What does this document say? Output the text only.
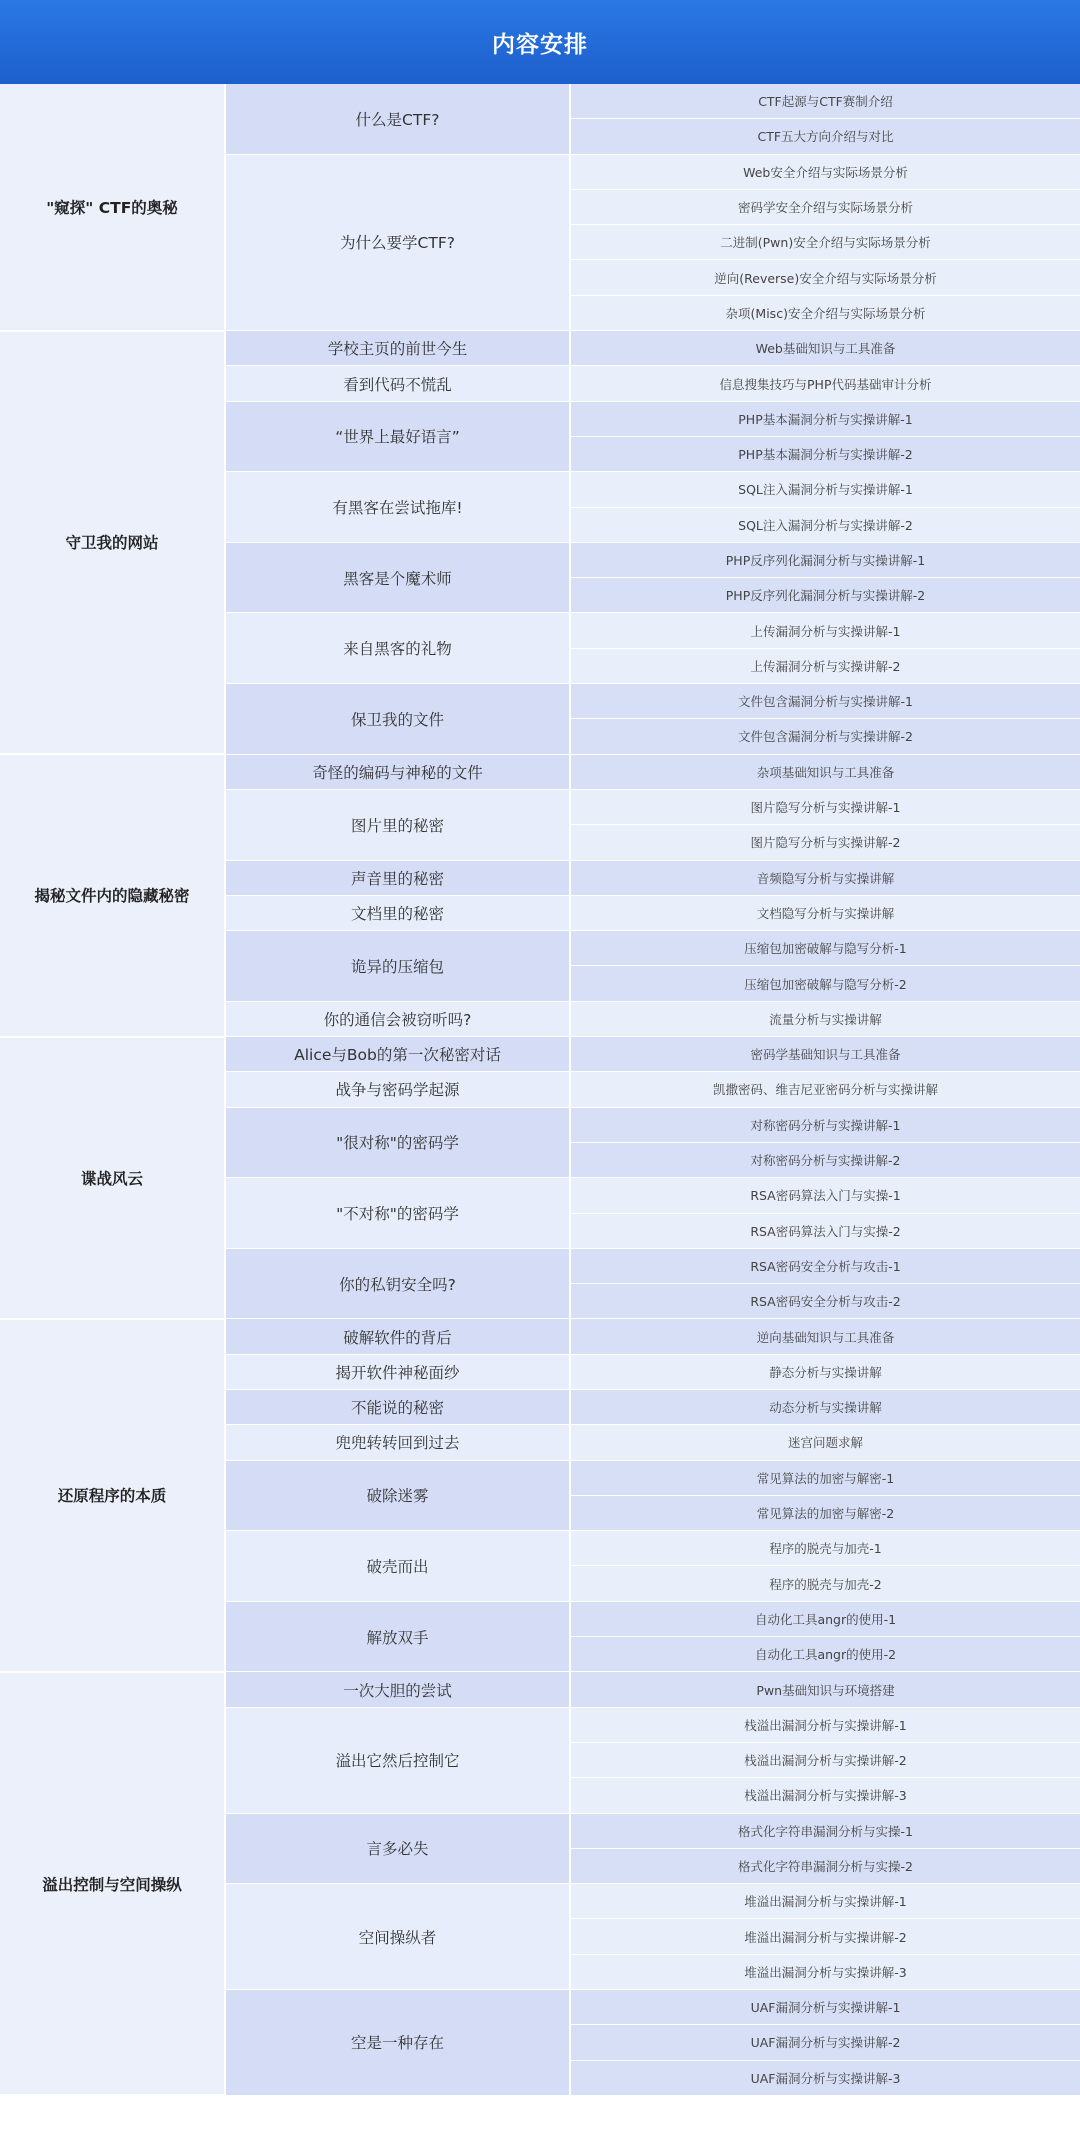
内容安排
"窥探" CTF的奥秘	什么是CTF?	CTF起源与CTF赛制介绍
		CTF五大方向介绍与对比
	为什么要学CTF?	Web安全介绍与实际场景分析
		密码学安全介绍与实际场景分析
		二进制(Pwn)安全介绍与实际场景分析
		逆向(Reverse)安全介绍与实际场景分析
		杂项(Misc)安全介绍与实际场景分析
守卫我的网站	学校主页的前世今生	Web基础知识与工具准备
	看到代码不慌乱	信息搜集技巧与PHP代码基础审计分析
	“世界上最好语言”	PHP基本漏洞分析与实操讲解-1
		PHP基本漏洞分析与实操讲解-2
	有黑客在尝试拖库!	SQL注入漏洞分析与实操讲解-1
		SQL注入漏洞分析与实操讲解-2
	黑客是个魔术师	PHP反序列化漏洞分析与实操讲解-1
		PHP反序列化漏洞分析与实操讲解-2
	来自黑客的礼物	上传漏洞分析与实操讲解-1
		上传漏洞分析与实操讲解-2
	保卫我的文件	文件包含漏洞分析与实操讲解-1
		文件包含漏洞分析与实操讲解-2
揭秘文件内的隐藏秘密	奇怪的编码与神秘的文件	杂项基础知识与工具准备
	图片里的秘密	图片隐写分析与实操讲解-1
		图片隐写分析与实操讲解-2
	声音里的秘密	音频隐写分析与实操讲解
	文档里的秘密	文档隐写分析与实操讲解
	诡异的压缩包	压缩包加密破解与隐写分析-1
		压缩包加密破解与隐写分析-2
	你的通信会被窃听吗?	流量分析与实操讲解
谍战风云	Alice与Bob的第一次秘密对话	密码学基础知识与工具准备
	战争与密码学起源	凯撒密码、维吉尼亚密码分析与实操讲解
	"很对称"的密码学	对称密码分析与实操讲解-1
		对称密码分析与实操讲解-2
	"不对称"的密码学	RSA密码算法入门与实操-1
		RSA密码算法入门与实操-2
	你的私钥安全吗?	RSA密码安全分析与攻击-1
		RSA密码安全分析与攻击-2
还原程序的本质	破解软件的背后	逆向基础知识与工具准备
	揭开软件神秘面纱	静态分析与实操讲解
	不能说的秘密	动态分析与实操讲解
	兜兜转转回到过去	迷宫问题求解
	破除迷雾	常见算法的加密与解密-1
		常见算法的加密与解密-2
	破壳而出	程序的脱壳与加壳-1
		程序的脱壳与加壳-2
	解放双手	自动化工具angr的使用-1
		自动化工具angr的使用-2
溢出控制与空间操纵	一次大胆的尝试	Pwn基础知识与环境搭建
	溢出它然后控制它	栈溢出漏洞分析与实操讲解-1
		栈溢出漏洞分析与实操讲解-2
		栈溢出漏洞分析与实操讲解-3
	言多必失	格式化字符串漏洞分析与实操-1
		格式化字符串漏洞分析与实操-2
	空间操纵者	堆溢出漏洞分析与实操讲解-1
		堆溢出漏洞分析与实操讲解-2
		堆溢出漏洞分析与实操讲解-3
	空是一种存在	UAF漏洞分析与实操讲解-1
		UAF漏洞分析与实操讲解-2
		UAF漏洞分析与实操讲解-3
